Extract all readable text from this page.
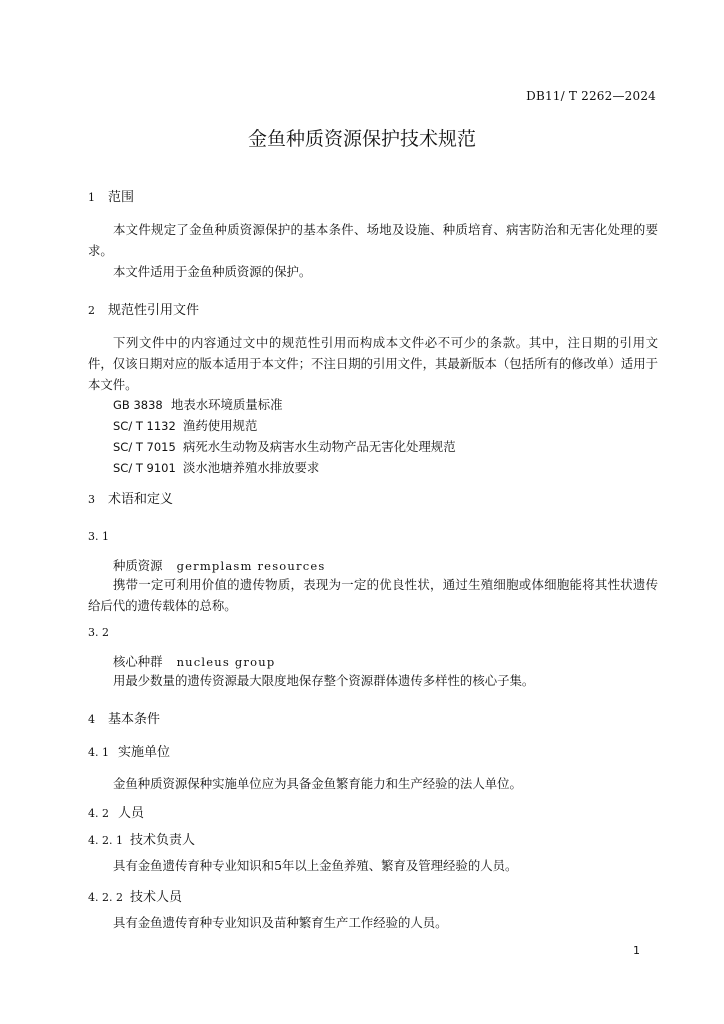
DB11/ T 2262—2024
金鱼种质资源保护技术规范
1 范围
本文件规定了金鱼种质资源保护的基本条件、场地及设施、种质培育、病害防治和无害化处理的要求。
本文件适用于金鱼种质资源的保护。
2 规范性引用文件
下列文件中的内容通过文中的规范性引用而构成本文件必不可少的条款。其中，注日期的引用文件，仅该日期对应的版本适用于本文件；不注日期的引用文件，其最新版本（包括所有的修改单）适用于本文件。
GB 3838 地表水环境质量标准
SC/ T 1132 渔药使用规范
SC/ T 7015 病死水生动物及病害水生动物产品无害化处理规范
SC/ T 9101 淡水池塘养殖水排放要求
3 术语和定义
3. 1
种质资源 germplasm resources
携带一定可利用价值的遗传物质，表现为一定的优良性状，通过生殖细胞或体细胞能将其性状遗传给后代的遗传载体的总称。
3. 2
核心种群 nucleus group
用最少数量的遗传资源最大限度地保存整个资源群体遗传多样性的核心子集。
4 基本条件
4. 1 实施单位
金鱼种质资源保种实施单位应为具备金鱼繁育能力和生产经验的法人单位。
4. 2 人员
4. 2. 1 技术负责人
具有金鱼遗传育种专业知识和5年以上金鱼养殖、繁育及管理经验的人员。
4. 2. 2 技术人员
具有金鱼遗传育种专业知识及苗种繁育生产工作经验的人员。
1
